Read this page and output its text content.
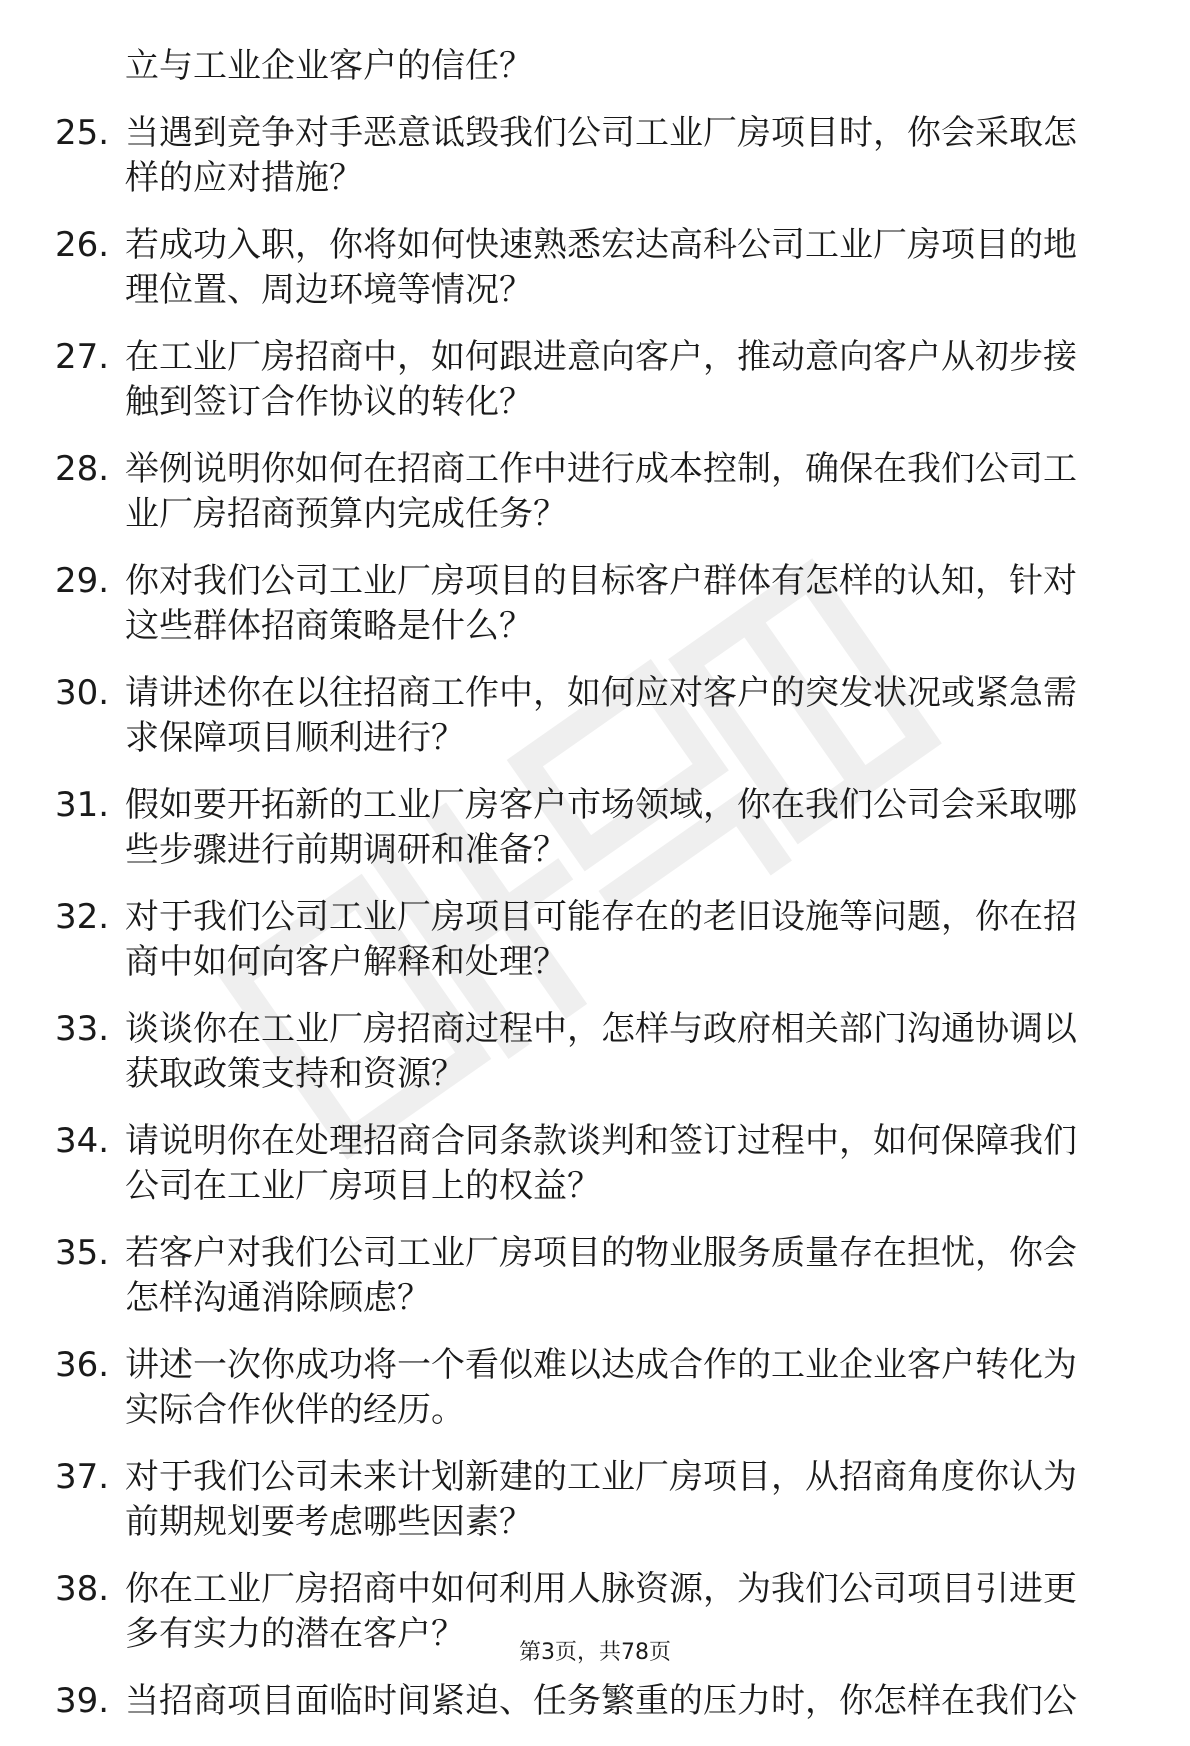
立与工业企业客户的信任？
25. 当遇到竞争对手恶意诋毁我们公司工业厂房项目时，你会采取怎
样的应对措施？
26. 若成功入职，你将如何快速熟悉宏达高科公司工业厂房项目的地
理位置、周边环境等情况？
27. 在工业厂房招商中，如何跟进意向客户，推动意向客户从初步接
触到签订合作协议的转化？
28. 举例说明你如何在招商工作中进行成本控制，确保在我们公司工
业厂房招商预算内完成任务？
29. 你对我们公司工业厂房项目的目标客户群体有怎样的认知，针对
这些群体招商策略是什么？
30. 请讲述你在以往招商工作中，如何应对客户的突发状况或紧急需
求保障项目顺利进行？
31. 假如要开拓新的工业厂房客户市场领域，你在我们公司会采取哪
些步骤进行前期调研和准备？
32. 对于我们公司工业厂房项目可能存在的老旧设施等问题，你在招
商中如何向客户解释和处理？
33. 谈谈你在工业厂房招商过程中，怎样与政府相关部门沟通协调以
获取政策支持和资源？
34. 请说明你在处理招商合同条款谈判和签订过程中，如何保障我们
公司在工业厂房项目上的权益？
35. 若客户对我们公司工业厂房项目的物业服务质量存在担忧，你会
怎样沟通消除顾虑？
36. 讲述一次你成功将一个看似难以达成合作的工业企业客户转化为
实际合作伙伴的经历。
37. 对于我们公司未来计划新建的工业厂房项目，从招商角度你认为
前期规划要考虑哪些因素？
38. 你在工业厂房招商中如何利用人脉资源，为我们公司项目引进更
多有实力的潜在客户？
39. 当招商项目面临时间紧迫、任务繁重的压力时，你怎样在我们公
第3页，共78页
